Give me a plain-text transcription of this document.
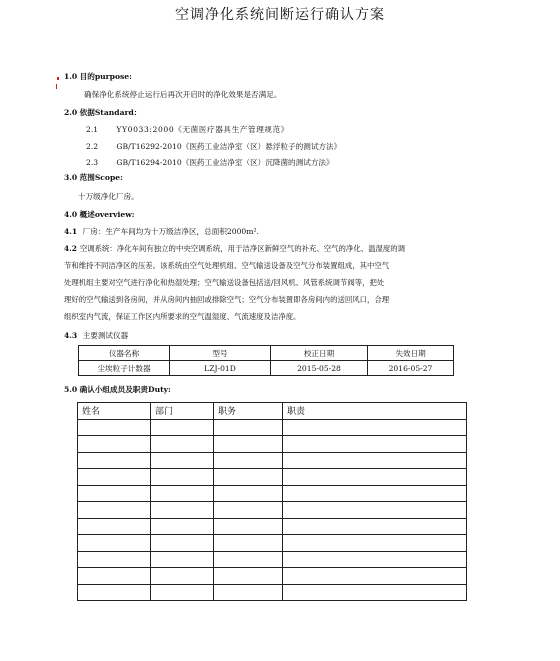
空调净化系统间断运行确认方案
1.0 目的purpose:
确保净化系统停止运行后再次开启时的净化效果是否满足。
2.0 依据Standard：
2.1 YY0033:2000《无菌医疗器具生产管理规范》
2.2 GB/T16292-2010《医药工业洁净室（区）悬浮粒子的测试方法》
2.3 GB/T16294-2010《医药工业洁净室（区）沉降菌的测试方法》
3.0 范围Scope:
十万级净化厂房。
4.0 概述overview:
4.1 厂房：生产车间均为十万级洁净区，总面积2000m².
4.2 空调系统：净化车间有独立的中央空调系统，用于洁净区新鲜空气的补充、空气的净化、温湿度的调
节和维持不同洁净区的压差。该系统由空气处理机组、空气输送设备及空气分布装置组成，其中空气
处理机组主要对空气进行净化和热湿处理；空气输送设备包括送/回风机、风管系统调节阀等，把处
理好的空气输送到各房间，并从房间内抽回或排除空气；空气分布装置即各房间内的送回风口，合理
组织室内气流，保证工作区内所要求的空气温湿度、气流速度及洁净度。
4.3 主要测试仪器
仪器名称	型号	校正日期	失效日期
尘埃粒子计数器	LZJ-01D	2015-05-28	2016-05-27
5.0 确认小组成员及职责Duty:
姓名	部门	职务	职责
